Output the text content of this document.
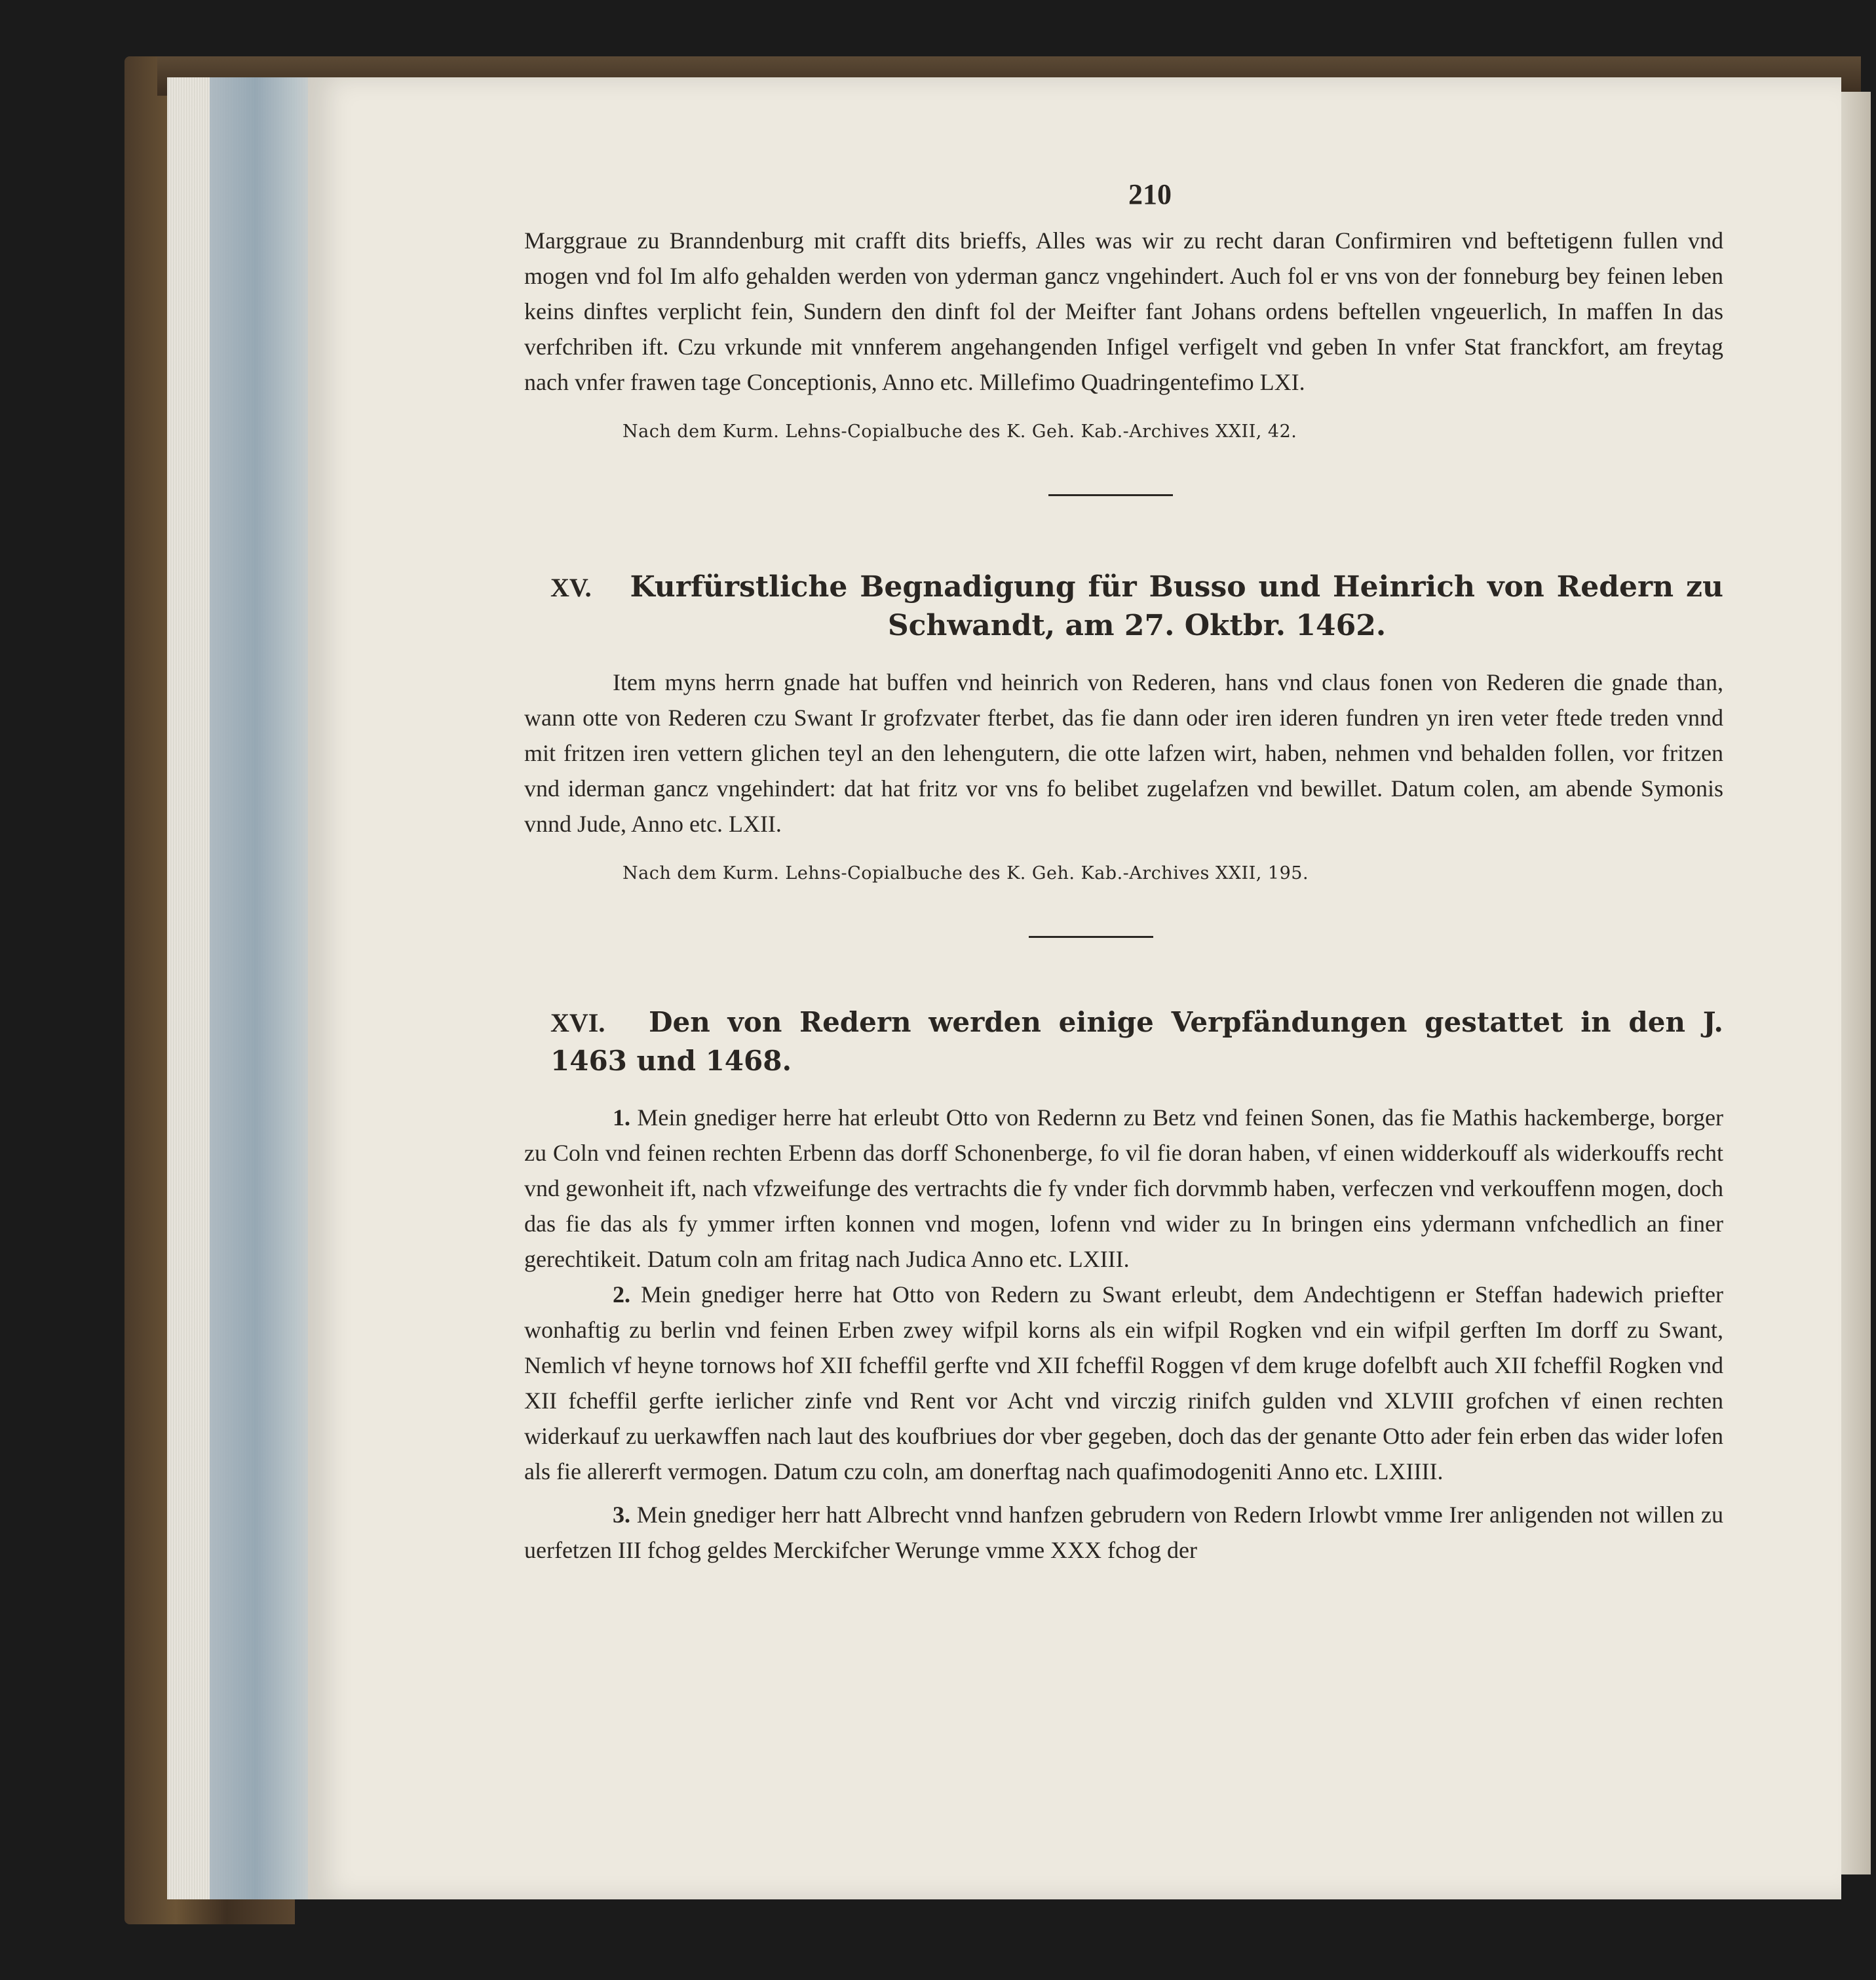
210

Marggraue zu Branndenburg mit crafft dits brieffs, Alles was wir zu recht daran Confirmiren vnd beftetigenn fullen vnd mogen vnd fol Im alfo gehalden werden von yderman gancz vngehindert. Auch fol er vns von der fonneburg bey feinen leben keins dinftes verplicht fein, Sundern den dinft fol der Meifter fant Johans ordens beftellen vngeuerlich, In maffen In das verfchriben ift. Czu vrkunde mit vnnferem angehangenden Infigel verfigelt vnd geben In vnfer Stat franckfort, am freytag nach vnfer frawen tage Conceptionis, Anno etc. Millefimo Quadringentefimo LXI.

Nach dem Kurm. Lehns-Copialbuche des K. Geh. Kab.-Archives XXII, 42.
XV. Kurfürstliche Begnadigung für Busso und Heinrich von Redern zu Schwandt, am 27. Oktbr. 1462.

Item myns herrn gnade hat buffen vnd heinrich von Rederen, hans vnd claus fonen von Rederen die gnade than, wann otte von Rederen czu Swant Ir grofzvater fterbet, das fie dann oder iren ideren fundren yn iren veter ftede treden vnnd mit fritzen iren vettern glichen teyl an den lehengutern, die otte lafzen wirt, haben, nehmen vnd behalden follen, vor fritzen vnd iderman gancz vngehindert: dat hat fritz vor vns fo belibet zugelafzen vnd bewillet. Datum colen, am abende Symonis vnnd Jude, Anno etc. LXII.

Nach dem Kurm. Lehns-Copialbuche des K. Geh. Kab.-Archives XXII, 195.
XVI. Den von Redern werden einige Verpfändungen gestattet in den J. 1463 und 1468.

1. Mein gnediger herre hat erleubt Otto von Redernn zu Betz vnd feinen Sonen, das fie Mathis hackemberge, borger zu Coln vnd feinen rechten Erbenn das dorff Schonenberge, fo vil fie doran haben, vf einen widderkouff als widerkouffs recht vnd gewonheit ift, nach vfzweifunge des vertrachts die fy vnder fich dorvmmb haben, verfeczen vnd verkouffenn mogen, doch das fie das als fy ymmer irften konnen vnd mogen, lofenn vnd wider zu In bringen eins ydermann vnfchedlich an finer gerechtikeit. Datum coln am fritag nach Judica Anno etc. LXIII.

2. Mein gnediger herre hat Otto von Redern zu Swant erleubt, dem Andechtigenn er Steffan hadewich priefter wonhaftig zu berlin vnd feinen Erben zwey wifpil korns als ein wifpil Rogken vnd ein wifpil gerften Im dorff zu Swant, Nemlich vf heyne tornows hof XII fcheffil gerfte vnd XII fcheffil Roggen vf dem kruge dofelbft auch XII fcheffil Rogken vnd XII fcheffil gerfte ierlicher zinfe vnd Rent vor Acht vnd virczig rinifch gulden vnd XLVIII grofchen vf einen rechten widerkauf zu uerkawffen nach laut des koufbriues dor vber gegeben, doch das der genante Otto ader fein erben das wider lofen als fie allererft vermogen. Datum czu coln, am donerftag nach quafimodogeniti Anno etc. LXIIII.

3. Mein gnediger herr hatt Albrecht vnnd hanfzen gebrudern von Redern Irlowbt vmme Irer anligenden not willen zu uerfetzen III fchog geldes Merckifcher Werunge vmme XXX fchog der
